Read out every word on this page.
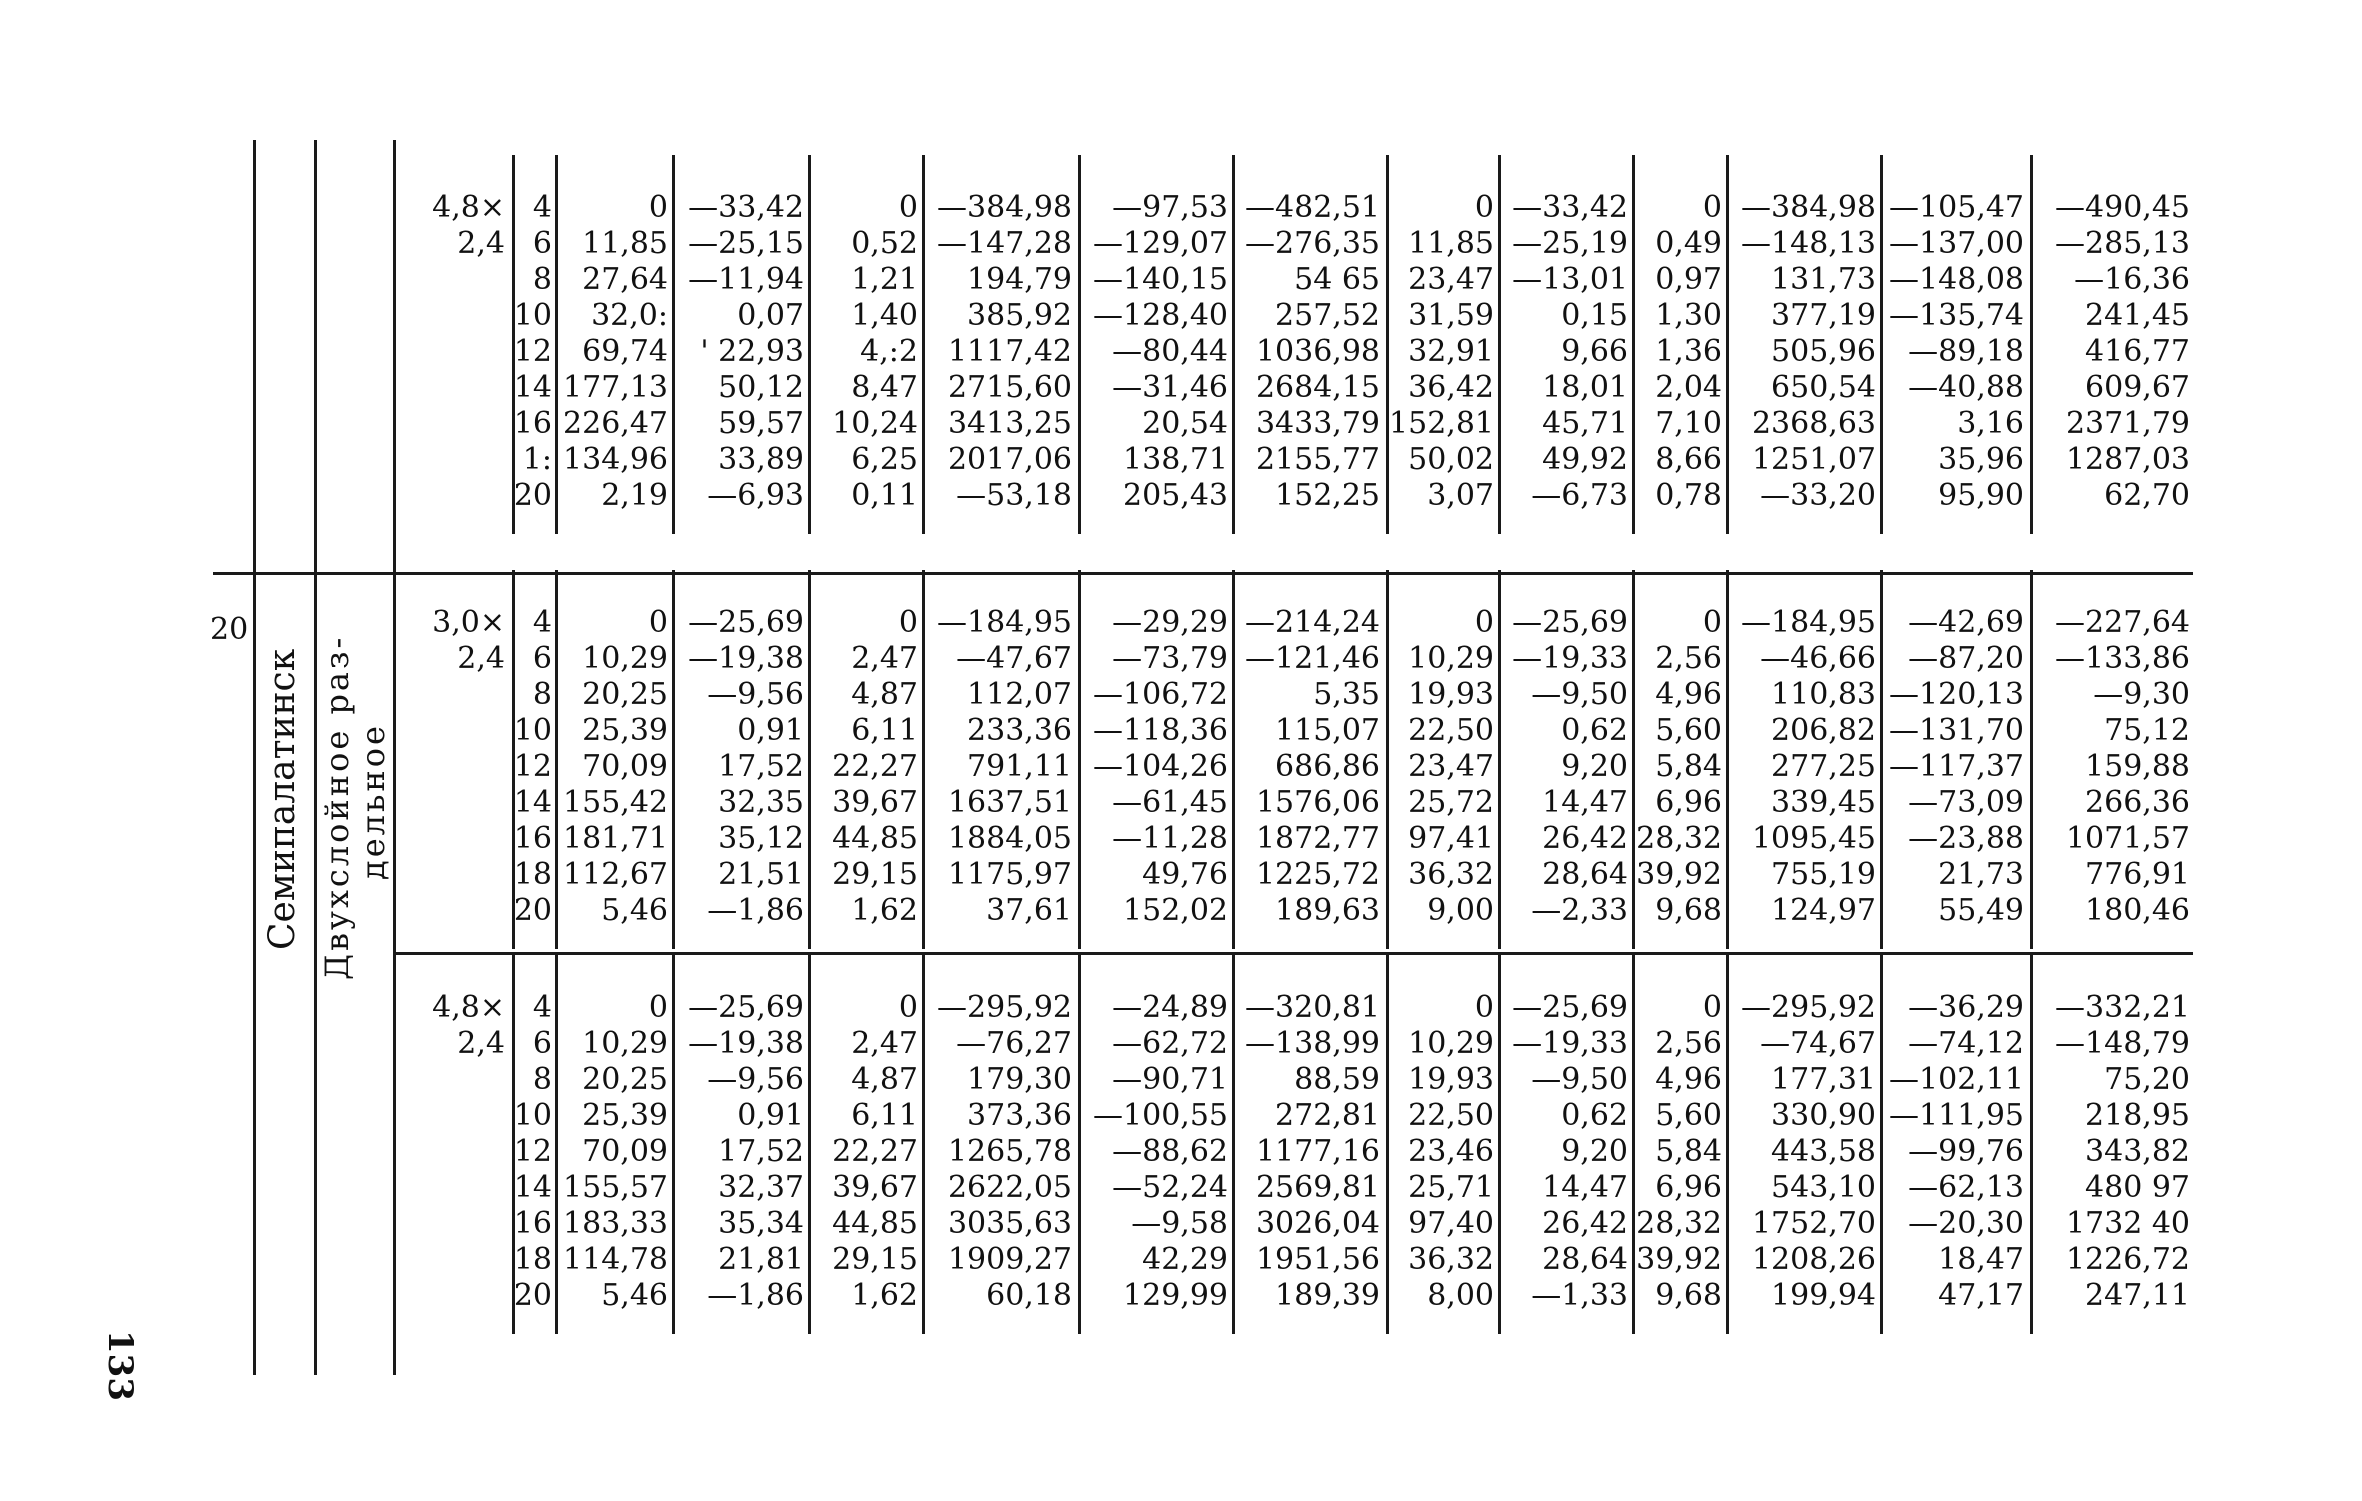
20
Семипалатинск Двухслойное раз-
дельное
133
4,8×
2,4
4
6
8
10
12
14
16
1:
20
0
11,85
27,64
32,0:
69,74
177,13
226,47
134,96
2,19
—33,42
—25,15
—11,94
0,07
' 22,93
50,12
59,57
33,89
—6,93
0
0,52
1,21
1,40
4,:2
8,47
10,24
6,25
0,11
—384,98
—147,28
194,79
385,92
1117,42
2715,60
3413,25
2017,06
—53,18
—97,53
—129,07
—140,15
—128,40
—80,44
—31,46
20,54
138,71
205,43
—482,51
—276,35
54 65
257,52
1036,98
2684,15
3433,79
2155,77
152,25
0
11,85
23,47
31,59
32,91
36,42
152,81
50,02
3,07
—33,42
—25,19
—13,01
0,15
9,66
18,01
45,71
49,92
—6,73
0
0,49
0,97
1,30
1,36
2,04
7,10
8,66
0,78
—384,98
—148,13
131,73
377,19
505,96
650,54
2368,63
1251,07
—33,20
—105,47
—137,00
—148,08
—135,74
—89,18
—40,88
3,16
35,96
95,90
—490,45
—285,13
—16,36
241,45
416,77
609,67
2371,79
1287,03
62,70
3,0×
2,4
4
6
8
10
12
14
16
18
20
0
10,29
20,25
25,39
70,09
155,42
181,71
112,67
5,46
—25,69
—19,38
—9,56
0,91
17,52
32,35
35,12
21,51
—1,86
0
2,47
4,87
6,11
22,27
39,67
44,85
29,15
1,62
—184,95
—47,67
112,07
233,36
791,11
1637,51
1884,05
1175,97
37,61
—29,29
—73,79
—106,72
—118,36
—104,26
—61,45
—11,28
49,76
152,02
—214,24
—121,46
5,35
115,07
686,86
1576,06
1872,77
1225,72
189,63
0
10,29
19,93
22,50
23,47
25,72
97,41
36,32
9,00
—25,69
—19,33
—9,50
0,62
9,20
14,47
26,42
28,64
—2,33
0
2,56
4,96
5,60
5,84
6,96
28,32
39,92
9,68
—184,95
—46,66
110,83
206,82
277,25
339,45
1095,45
755,19
124,97
—42,69
—87,20
—120,13
—131,70
—117,37
—73,09
—23,88
21,73
55,49
—227,64
—133,86
—9,30
75,12
159,88
266,36
1071,57
776,91
180,46
4,8×
2,4
4
6
8
10
12
14
16
18
20
0
10,29
20,25
25,39
70,09
155,57
183,33
114,78
5,46
—25,69
—19,38
—9,56
0,91
17,52
32,37
35,34
21,81
—1,86
0
2,47
4,87
6,11
22,27
39,67
44,85
29,15
1,62
—295,92
—76,27
179,30
373,36
1265,78
2622,05
3035,63
1909,27
60,18
—24,89
—62,72
—90,71
—100,55
—88,62
—52,24
—9,58
42,29
129,99
—320,81
—138,99
88,59
272,81
1177,16
2569,81
3026,04
1951,56
189,39
0
10,29
19,93
22,50
23,46
25,71
97,40
36,32
8,00
—25,69
—19,33
—9,50
0,62
9,20
14,47
26,42
28,64
—1,33
0
2,56
4,96
5,60
5,84
6,96
28,32
39,92
9,68
—295,92
—74,67
177,31
330,90
443,58
543,10
1752,70
1208,26
199,94
—36,29
—74,12
—102,11
—111,95
—99,76
—62,13
—20,30
18,47
47,17
—332,21
—148,79
75,20
218,95
343,82
480 97
1732 40
1226,72
247,11
